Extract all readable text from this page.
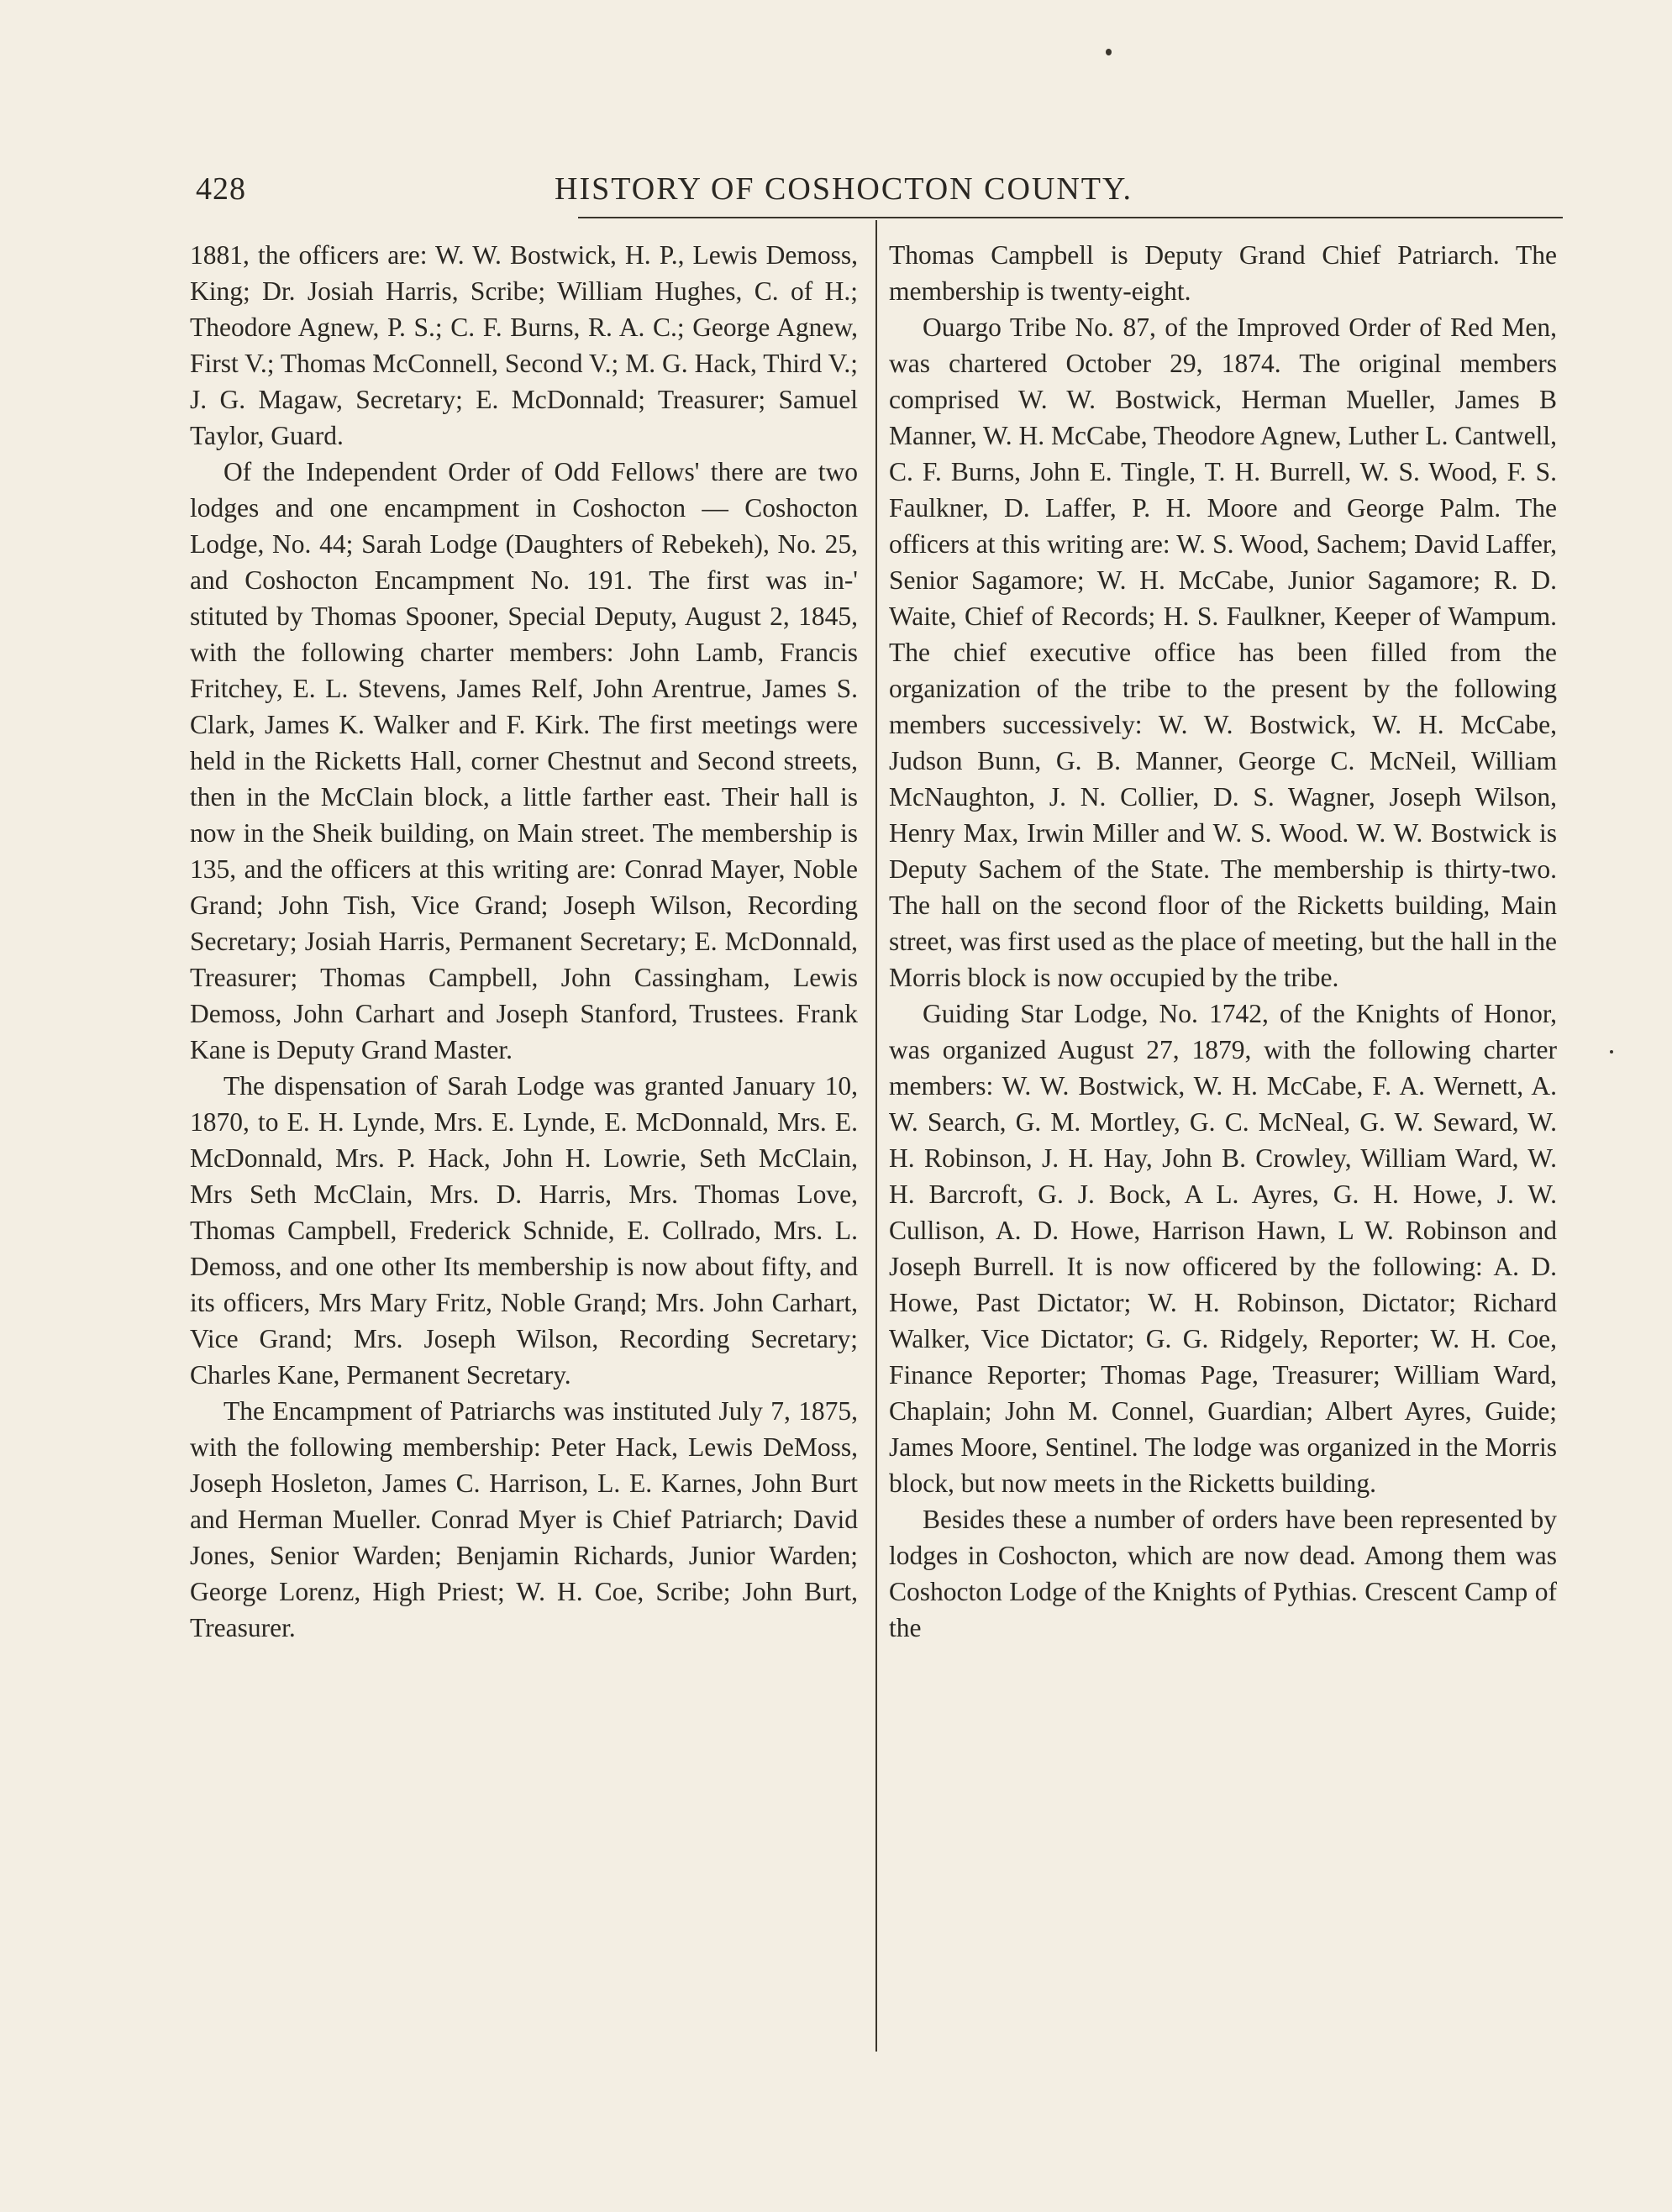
428	HISTORY OF COSHOCTON COUNTY.

1881, the officers are: W. W. Bostwick, H. P., Lewis Demoss, King; Dr. Josiah Harris, Scribe; William Hughes, C. of H.; Theodore Agnew, P. S.; C. F. Burns, R. A. C.; George Agnew, First V.; Thomas McConnell, Second V.; M. G. Hack, Third V.; J. G. Magaw, Secretary; E. McDonnald; Treasurer; Samuel Taylor, Guard.

Of the Independent Order of Odd Fellows' there are two lodges and one encampment in Coshocton — Coshocton Lodge, No. 44; Sarah Lodge (Daughters of Rebekeh), No. 25, and Coshocton Encampment No. 191. The first was in-' stituted by Thomas Spooner, Special Deputy, August 2, 1845, with the following charter members: John Lamb, Francis Fritchey, E. L. Stevens, James Relf, John Arentrue, James S. Clark, James K. Walker and F. Kirk. The first meetings were held in the Ricketts Hall, corner Chestnut and Second streets, then in the McClain block, a little farther east. Their hall is now in the Sheik building, on Main street. The membership is 135, and the officers at this writing are: Conrad Mayer, Noble Grand; John Tish, Vice Grand; Joseph Wilson, Recording Secretary; Josiah Harris, Permanent Secretary; E. McDonnald, Treasurer; Thomas Campbell, John Cassingham, Lewis Demoss, John Carhart and Joseph Stanford, Trustees. Frank Kane is Deputy Grand Master.

The dispensation of Sarah Lodge was granted January 10, 1870, to E. H. Lynde, Mrs. E. Lynde, E. McDonnald, Mrs. E. McDonnald, Mrs. P. Hack, John H. Lowrie, Seth McClain, Mrs Seth McClain, Mrs. D. Harris, Mrs. Thomas Love, Thomas Campbell, Frederick Schnide, E. Collrado, Mrs. L. Demoss, and one other Its membership is now about fifty, and its officers, Mrs Mary Fritz, Noble Grand; Mrs. John Carhart, Vice Grand; Mrs. Joseph Wilson, Recording Secretary; Charles Kane, Permanent Secretary.

The Encampment of Patriarchs was instituted July 7, 1875, with the following membership: Peter Hack, Lewis DeMoss, Joseph Hosleton, James C. Harrison, L. E. Karnes, John Burt and Herman Mueller. Conrad Myer is Chief Patriarch; David Jones, Senior Warden; Benjamin Richards, Junior Warden; George Lorenz, High Priest; W. H. Coe, Scribe; John Burt, Treasurer.

Thomas Campbell is Deputy Grand Chief Patriarch. The membership is twenty-eight.

Ouargo Tribe No. 87, of the Improved Order of Red Men, was chartered October 29, 1874. The original members comprised W. W. Bostwick, Herman Mueller, James B Manner, W. H. McCabe, Theodore Agnew, Luther L. Cantwell, C. F. Burns, John E. Tingle, T. H. Burrell, W. S. Wood, F. S. Faulkner, D. Laffer, P. H. Moore and George Palm. The officers at this writing are: W. S. Wood, Sachem; David Laffer, Senior Sagamore; W. H. McCabe, Junior Sagamore; R. D. Waite, Chief of Records; H. S. Faulkner, Keeper of Wampum. The chief executive office has been filled from the organization of the tribe to the present by the following members successively: W. W. Bostwick, W. H. McCabe, Judson Bunn, G. B. Manner, George C. McNeil, William McNaughton, J. N. Collier, D. S. Wagner, Joseph Wilson, Henry Max, Irwin Miller and W. S. Wood. W. W. Bostwick is Deputy Sachem of the State. The membership is thirty-two. The hall on the second floor of the Ricketts building, Main street, was first used as the place of meeting, but the hall in the Morris block is now occupied by the tribe.

Guiding Star Lodge, No. 1742, of the Knights of Honor, was organized August 27, 1879, with the following charter members: W. W. Bostwick, W. H. McCabe, F. A. Wernett, A. W. Search, G. M. Mortley, G. C. McNeal, G. W. Seward, W. H. Robinson, J. H. Hay, John B. Crowley, William Ward, W. H. Barcroft, G. J. Bock, A L. Ayres, G. H. Howe, J. W. Cullison, A. D. Howe, Harrison Hawn, L W. Robinson and Joseph Burrell. It is now officered by the following: A. D. Howe, Past Dictator; W. H. Robinson, Dictator; Richard Walker, Vice Dictator; G. G. Ridgely, Reporter; W. H. Coe, Finance Reporter; Thomas Page, Treasurer; William Ward, Chaplain; John M. Connel, Guardian; Albert Ayres, Guide; James Moore, Sentinel. The lodge was organized in the Morris block, but now meets in the Ricketts building.

Besides these a number of orders have been represented by lodges in Coshocton, which are now dead. Among them was Coshocton Lodge of the Knights of Pythias. Crescent Camp of the
